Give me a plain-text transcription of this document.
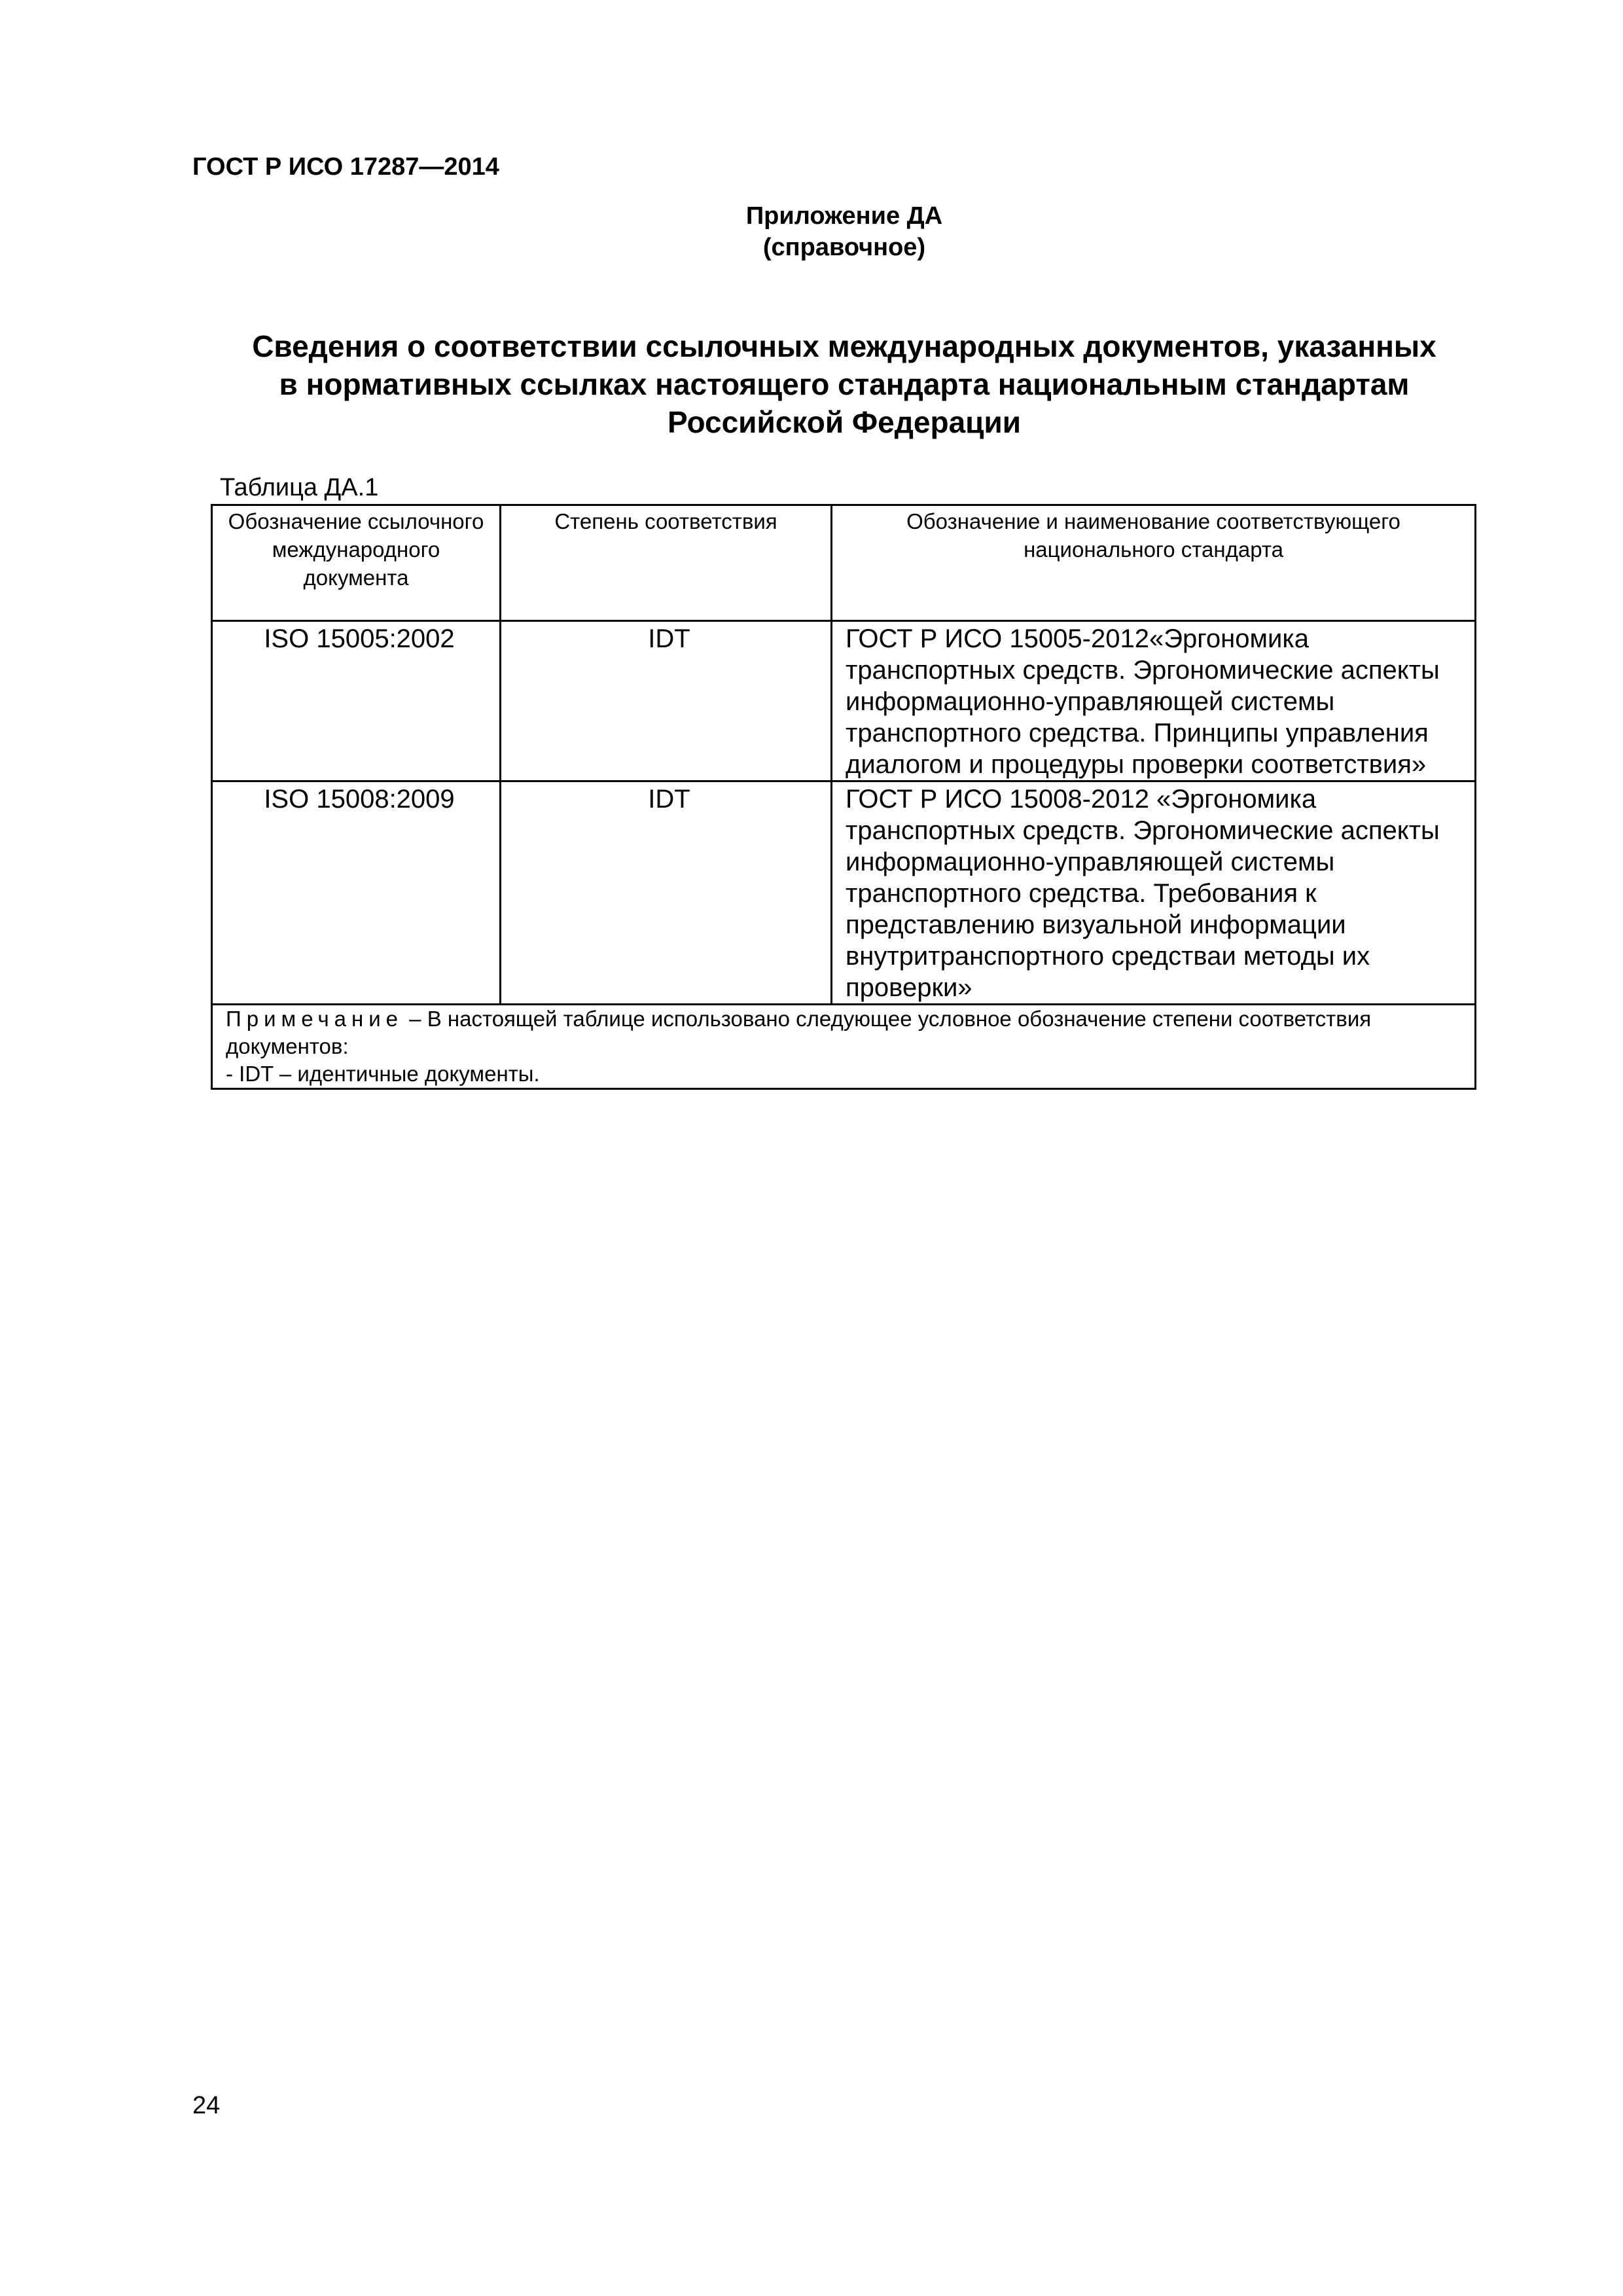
ГОСТ Р ИСО 17287—2014
Приложение ДА
(справочное)
Сведения о соответствии ссылочных международных документов, указанных
в нормативных ссылках настоящего стандарта национальным стандартам
Российской Федерации
Таблица ДА.1
Обозначение ссылочного международного документа	Степень соответствия	Обозначение и наименование соответствующего национального стандарта

ISO 15005:2002	IDT	ГОСТ Р ИСО 15005-2012«Эргономика транспортных средств. Эргономические аспекты информационно-управляющей системы транспортного средства. Принципы управления диалогом и процедуры проверки соответствия»

ISO 15008:2009	IDT	ГОСТ Р ИСО 15008-2012 «Эргономика транспортных средств. Эргономические аспекты информационно-управляющей системы транспортного средства. Требования к представлению визуальной информации внутритранспортного средстваи методы их проверки»

Примечание – В настоящей таблице использовано следующее условное обозначение степени соответствия документов:
- IDT – идентичные документы.		
24
